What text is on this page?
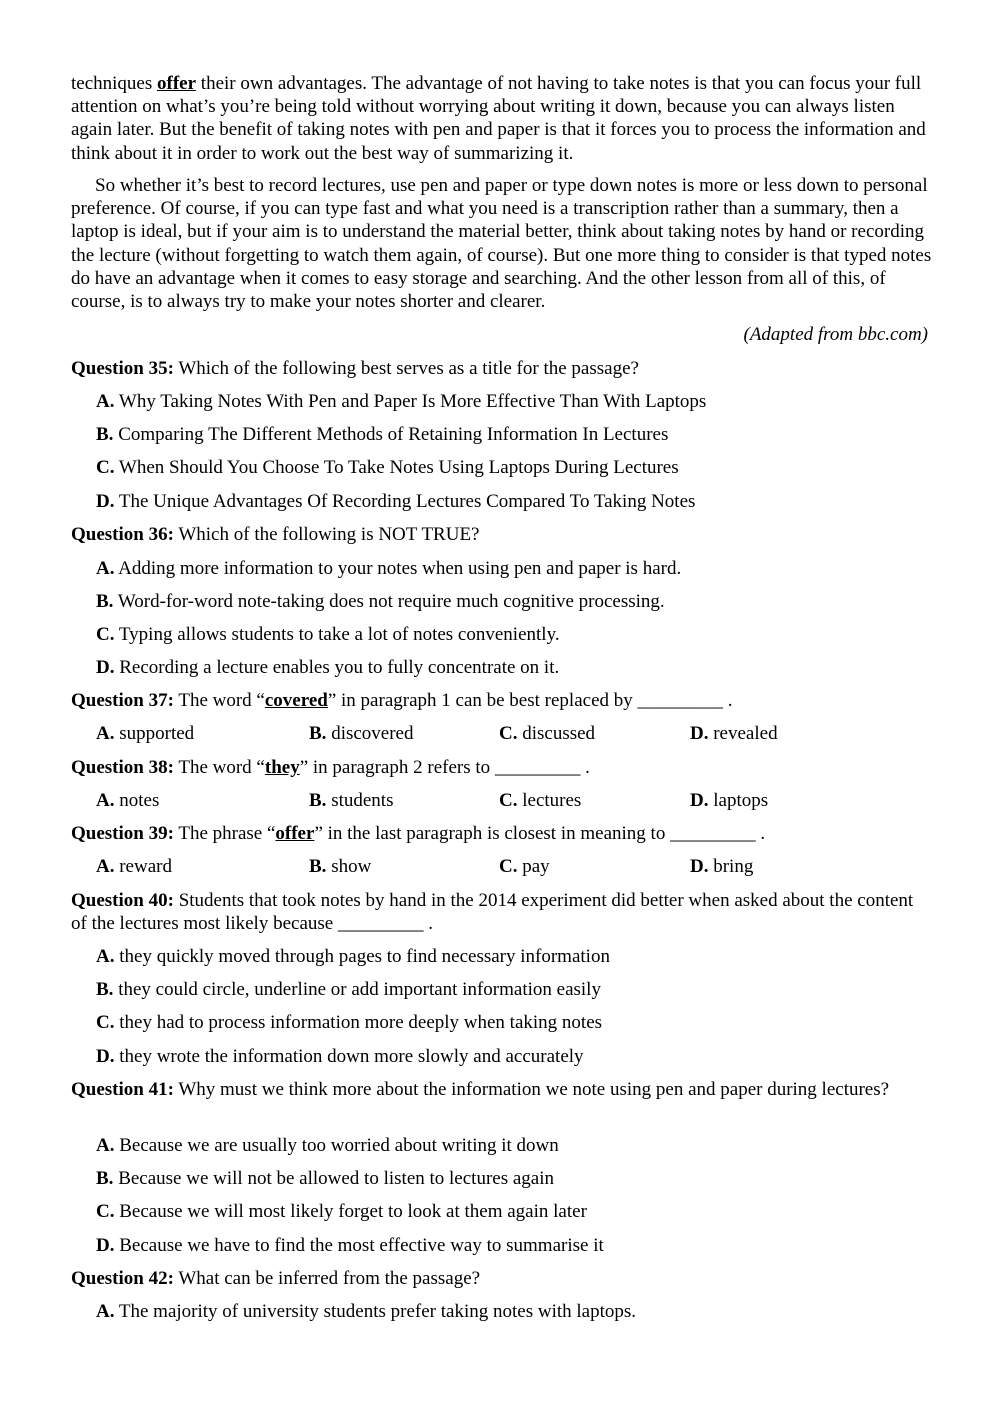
techniques offer their own advantages. The advantage of not having to take notes is that you can focus your full attention on what’s you’re being told without worrying about writing it down, because you can always listen again later. But the benefit of taking notes with pen and paper is that it forces you to process the information and think about it in order to work out the best way of summarizing it.

So whether it’s best to record lectures, use pen and paper or type down notes is more or less down to personal preference. Of course, if you can type fast and what you need is a transcription rather than a summary, then a laptop is ideal, but if your aim is to understand the material better, think about taking notes by hand or recording the lecture (without forgetting to watch them again, of course). But one more thing to consider is that typed notes do have an advantage when it comes to easy storage and searching. And the other lesson from all of this, of course, is to always try to make your notes shorter and clearer.

(Adapted from bbc.com)

Question 35: Which of the following best serves as a title for the passage?

A. Why Taking Notes With Pen and Paper Is More Effective Than With Laptops

B. Comparing The Different Methods of Retaining Information In Lectures

C. When Should You Choose To Take Notes Using Laptops During Lectures

D. The Unique Advantages Of Recording Lectures Compared To Taking Notes

Question 36: Which of the following is NOT TRUE?

A. Adding more information to your notes when using pen and paper is hard.

B. Word-for-word note-taking does not require much cognitive processing.

C. Typing allows students to take a lot of notes conveniently.

D. Recording a lecture enables you to fully concentrate on it.

Question 37: The word “covered” in paragraph 1 can be best replaced by _________ .

A. supported	B. discovered	C. discussed	D. revealed

Question 38: The word “they” in paragraph 2 refers to _________ .

A. notes	B. students	C. lectures	D. laptops

Question 39: The phrase “offer” in the last paragraph is closest in meaning to _________ .

A. reward	B. show	C. pay	D. bring

Question 40: Students that took notes by hand in the 2014 experiment did better when asked about the content of the lectures most likely because _________ .

A. they quickly moved through pages to find necessary information

B. they could circle, underline or add important information easily

C. they had to process information more deeply when taking notes

D. they wrote the information down more slowly and accurately

Question 41: Why must we think more about the information we note using pen and paper during lectures?

A. Because we are usually too worried about writing it down

B. Because we will not be allowed to listen to lectures again

C. Because we will most likely forget to look at them again later

D. Because we have to find the most effective way to summarise it

Question 42: What can be inferred from the passage?

A. The majority of university students prefer taking notes with laptops.
